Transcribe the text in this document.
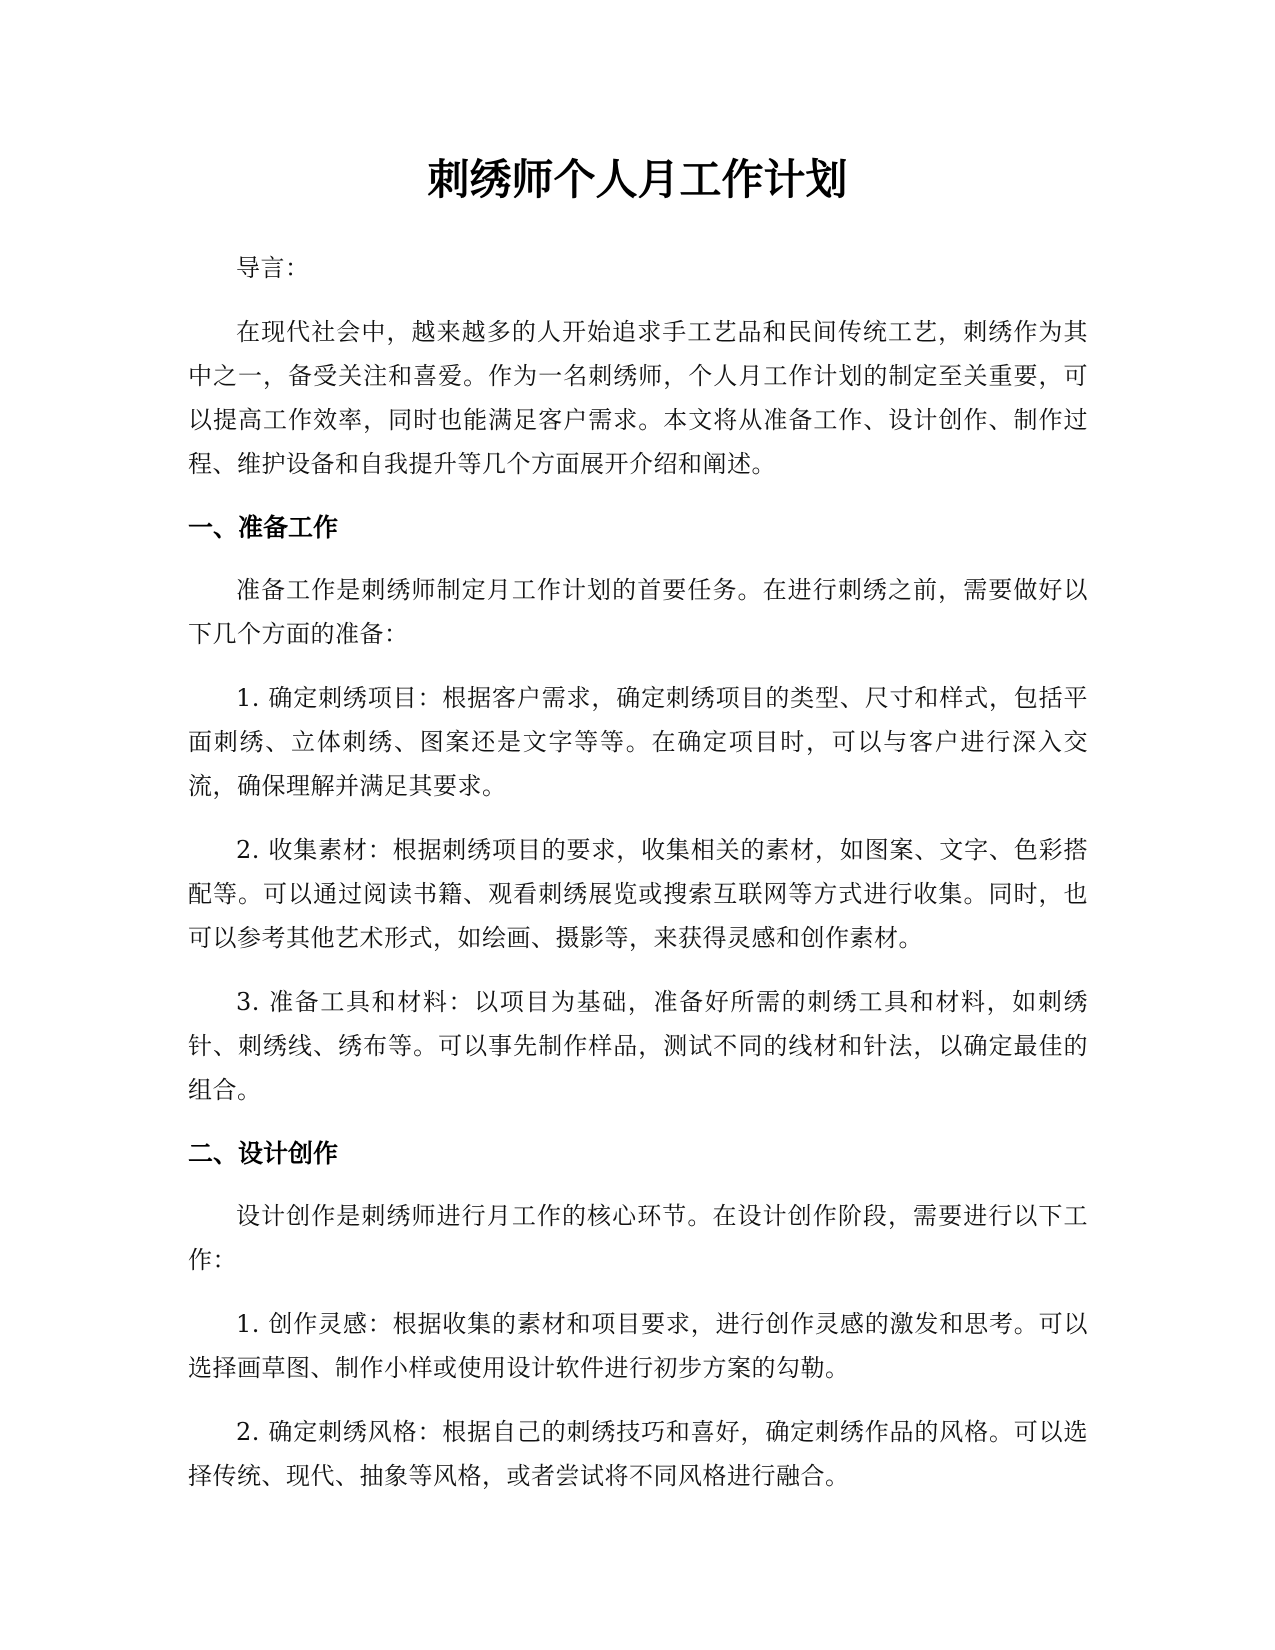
刺绣师个人月工作计划

导言：

在现代社会中，越来越多的人开始追求手工艺品和民间传统工艺，刺绣作为其中之一，备受关注和喜爱。作为一名刺绣师，个人月工作计划的制定至关重要，可以提高工作效率，同时也能满足客户需求。本文将从准备工作、设计创作、制作过程、维护设备和自我提升等几个方面展开介绍和阐述。

一、准备工作

准备工作是刺绣师制定月工作计划的首要任务。在进行刺绣之前，需要做好以下几个方面的准备：

1. 确定刺绣项目：根据客户需求，确定刺绣项目的类型、尺寸和样式，包括平面刺绣、立体刺绣、图案还是文字等等。在确定项目时，可以与客户进行深入交流，确保理解并满足其要求。

2. 收集素材：根据刺绣项目的要求，收集相关的素材，如图案、文字、色彩搭配等。可以通过阅读书籍、观看刺绣展览或搜索互联网等方式进行收集。同时，也可以参考其他艺术形式，如绘画、摄影等，来获得灵感和创作素材。

3. 准备工具和材料：以项目为基础，准备好所需的刺绣工具和材料，如刺绣针、刺绣线、绣布等。可以事先制作样品，测试不同的线材和针法，以确定最佳的组合。

二、设计创作

设计创作是刺绣师进行月工作的核心环节。在设计创作阶段，需要进行以下工作：

1. 创作灵感：根据收集的素材和项目要求，进行创作灵感的激发和思考。可以选择画草图、制作小样或使用设计软件进行初步方案的勾勒。

2. 确定刺绣风格：根据自己的刺绣技巧和喜好，确定刺绣作品的风格。可以选择传统、现代、抽象等风格，或者尝试将不同风格进行融合。
